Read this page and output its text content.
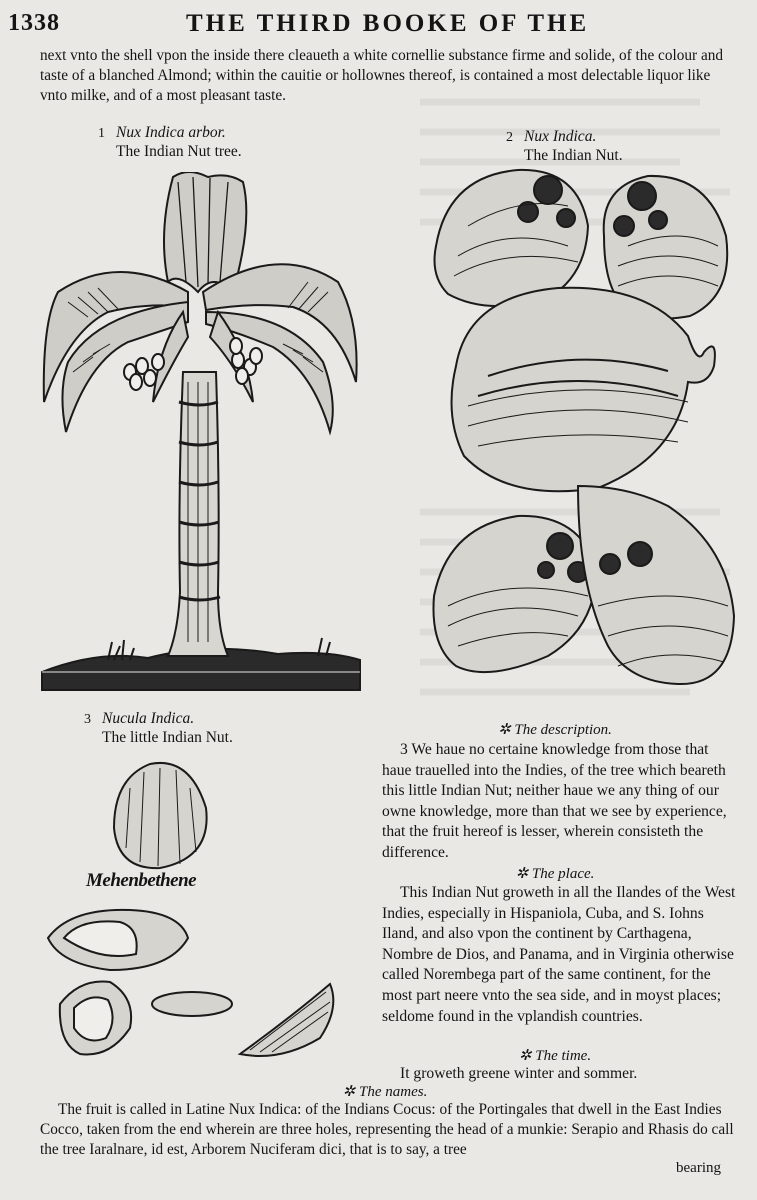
1338	THE THIRD BOOKE OF THE
next vnto the shell vpon the inside there cleaueth a white cornellie substance firme and solide, of the colour and taste of a blanched Almond; within the cauitie or hollownes thereof, is contained a most delectable liquor like vnto milke, and of a most pleasant taste.
1 Nux Indica arbor.
The Indian Nut tree.
2 Nux Indica.
The Indian Nut.
3 Nucula Indica.
The little Indian Nut.
Mehenbethene
✲ The description.
3 We haue no certaine knowledge from those that haue trauelled into the Indies, of the tree which beareth this little Indian Nut; neither haue we any thing of our owne knowledge, more than that we see by experience, that the fruit hereof is lesser, wherein consisteth the difference.
✲ The place.
This Indian Nut groweth in all the Ilandes of the West Indies, especially in Hispaniola, Cuba, and S. Iohns Iland, and also vpon the continent by Carthagena, Nombre de Dios, and Panama, and in Virginia otherwise called Norembega part of the same continent, for the most part neere vnto the sea side, and in moyst places; seldome found in the vplandish countries.
✲ The time.
It groweth greene winter and sommer.
✲ The names.
The fruit is called in Latine Nux Indica: of the Indians Cocus: of the Portingales that dwell in the East Indies Cocco, taken from the end wherein are three holes, representing the head of a munkie: Serapio and Rhasis do call the tree Iaralnare, id est, Arborem Nuciferam dici, that is to say, a tree
bearing
